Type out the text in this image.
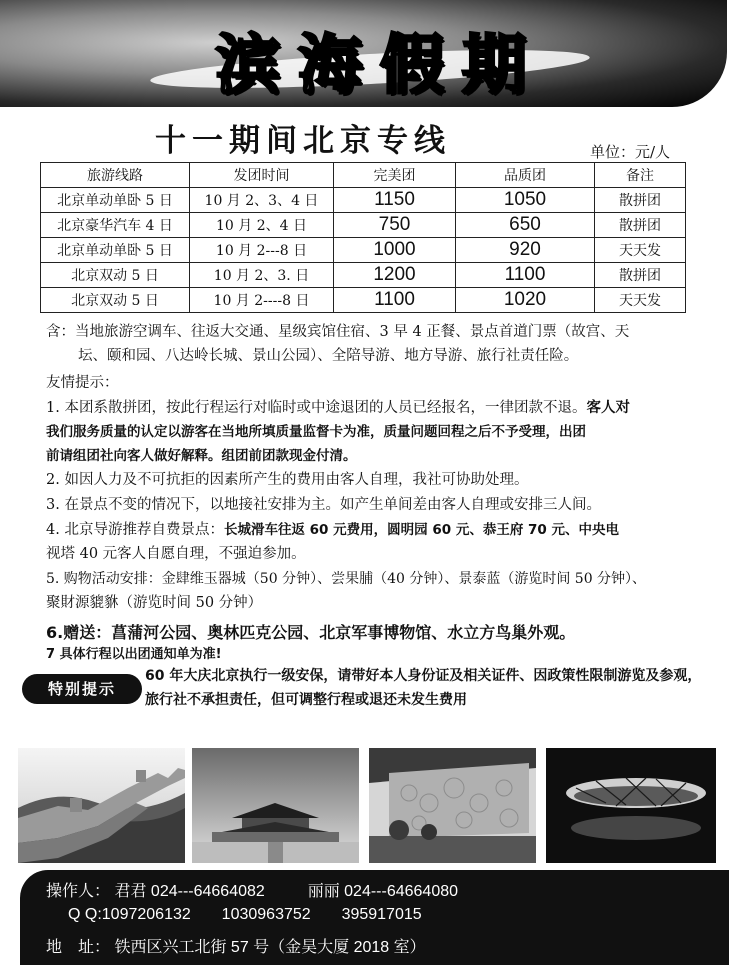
滨海假期
十一期间北京专线	单位：元/人
旅游线路	发团时间	完美团	品质团	备注
北京单动单卧 5 日	10 月 2、3、4 日	1150	1050	散拼团
北京豪华汽车 4 日	10 月 2、4 日	750	650	散拼团
北京单动单卧 5 日	10 月 2---8 日	1000	920	天天发
北京双动 5 日	10 月 2、3. 日	1200	1100	散拼团
北京双动 5 日	10 月 2----8 日	1100	1020	天天发
含：当地旅游空调车、往返大交通、星级宾馆住宿、3 早 4 正餐、景点首道门票（故宫、天
坛、颐和园、八达岭长城、景山公园）、全陪导游、地方导游、旅行社责任险。
友情提示：
1. 本团系散拼团，按此行程运行对临时或中途退团的人员已经报名，一律团款不退。客人对
我们服务质量的认定以游客在当地所填质量监督卡为准，质量问题回程之后不予受理，出团
前请组团社向客人做好解释。组团前团款现金付清。
2. 如因人力及不可抗拒的因素所产生的费用由客人自理，我社可协助处理。
3. 在景点不变的情况下，以地接社安排为主。如产生单间差由客人自理或安排三人间。
4. 北京导游推荐自费景点：长城滑车往返 60 元费用，圆明园 60 元、恭王府 70 元、中央电
视塔 40 元客人自愿自理，不强迫参加。
5. 购物活动安排：金肆维玉器城（50 分钟）、尝果脯（40 分钟）、景泰蓝（游览时间 50 分钟）、
聚財源貔貅（游览时间 50 分钟）
6.赠送：菖蒲河公园、奥林匹克公园、北京军事博物馆、水立方鸟巢外观。
7 具体行程以出团通知单为准!
特别提示
60 年大庆北京执行一级安保，请带好本人身份证及相关证件、因政策性限制游览及参观，旅行社不承担责任，但可调整行程或退还未发生费用
操作人： 君君 024---64664082	丽丽 024---64664080
Q Q:1097206132 1030963752 395917015
地　址： 铁西区兴工北街 57 号（金昊大厦 2018 室）
